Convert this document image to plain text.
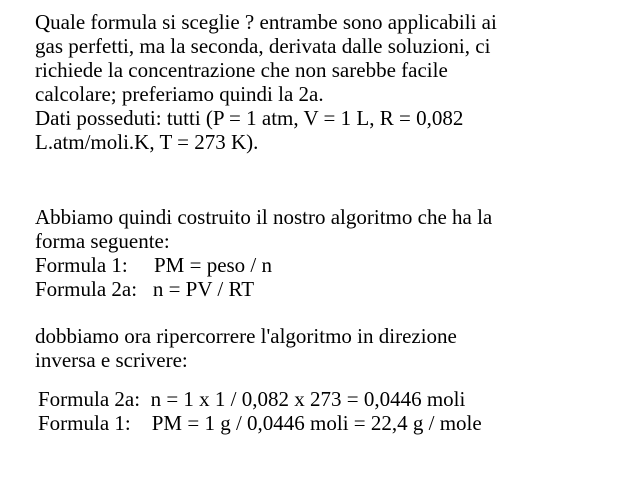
Quale formula si sceglie ? entrambe sono applicabili ai
gas perfetti, ma la seconda, derivata dalle soluzioni, ci
richiede la concentrazione che non sarebbe facile
calcolare; preferiamo quindi la 2a.
Dati posseduti: tutti (P = 1 atm, V = 1 L, R = 0,082
L.atm/moli.K, T = 273 K).
Abbiamo quindi costruito il nostro algoritmo che ha la
forma seguente:
Formula 1:     PM = peso / n
Formula 2a:   n = PV / RT
dobbiamo ora ripercorrere l'algoritmo in direzione
inversa e scrivere:
Formula 2a:  n = 1 x 1 / 0,082 x 273 = 0,0446 moli
Formula 1:    PM = 1 g / 0,0446 moli = 22,4 g / mole
